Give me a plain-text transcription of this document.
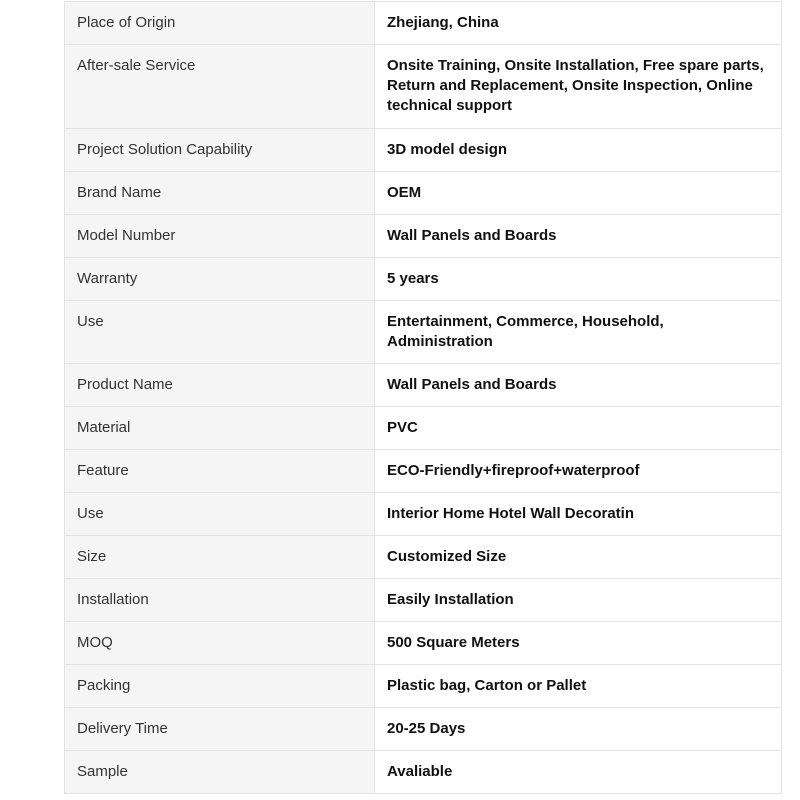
Place of Origin	Zhejiang, China
After-sale Service	Onsite Training, Onsite Installation, Free spare parts, Return and Replacement, Onsite Inspection, Online technical support
Project Solution Capability	3D model design
Brand Name	OEM
Model Number	Wall Panels and Boards
Warranty	5 years
Use	Entertainment, Commerce, Household, Administration
Product Name	Wall Panels and Boards
Material	PVC
Feature	ECO-Friendly+fireproof+waterproof
Use	Interior Home Hotel Wall Decoratin
Size	Customized Size
Installation	Easily Installation
MOQ	500 Square Meters
Packing	Plastic bag, Carton or Pallet
Delivery Time	20-25 Days
Sample	Avaliable
